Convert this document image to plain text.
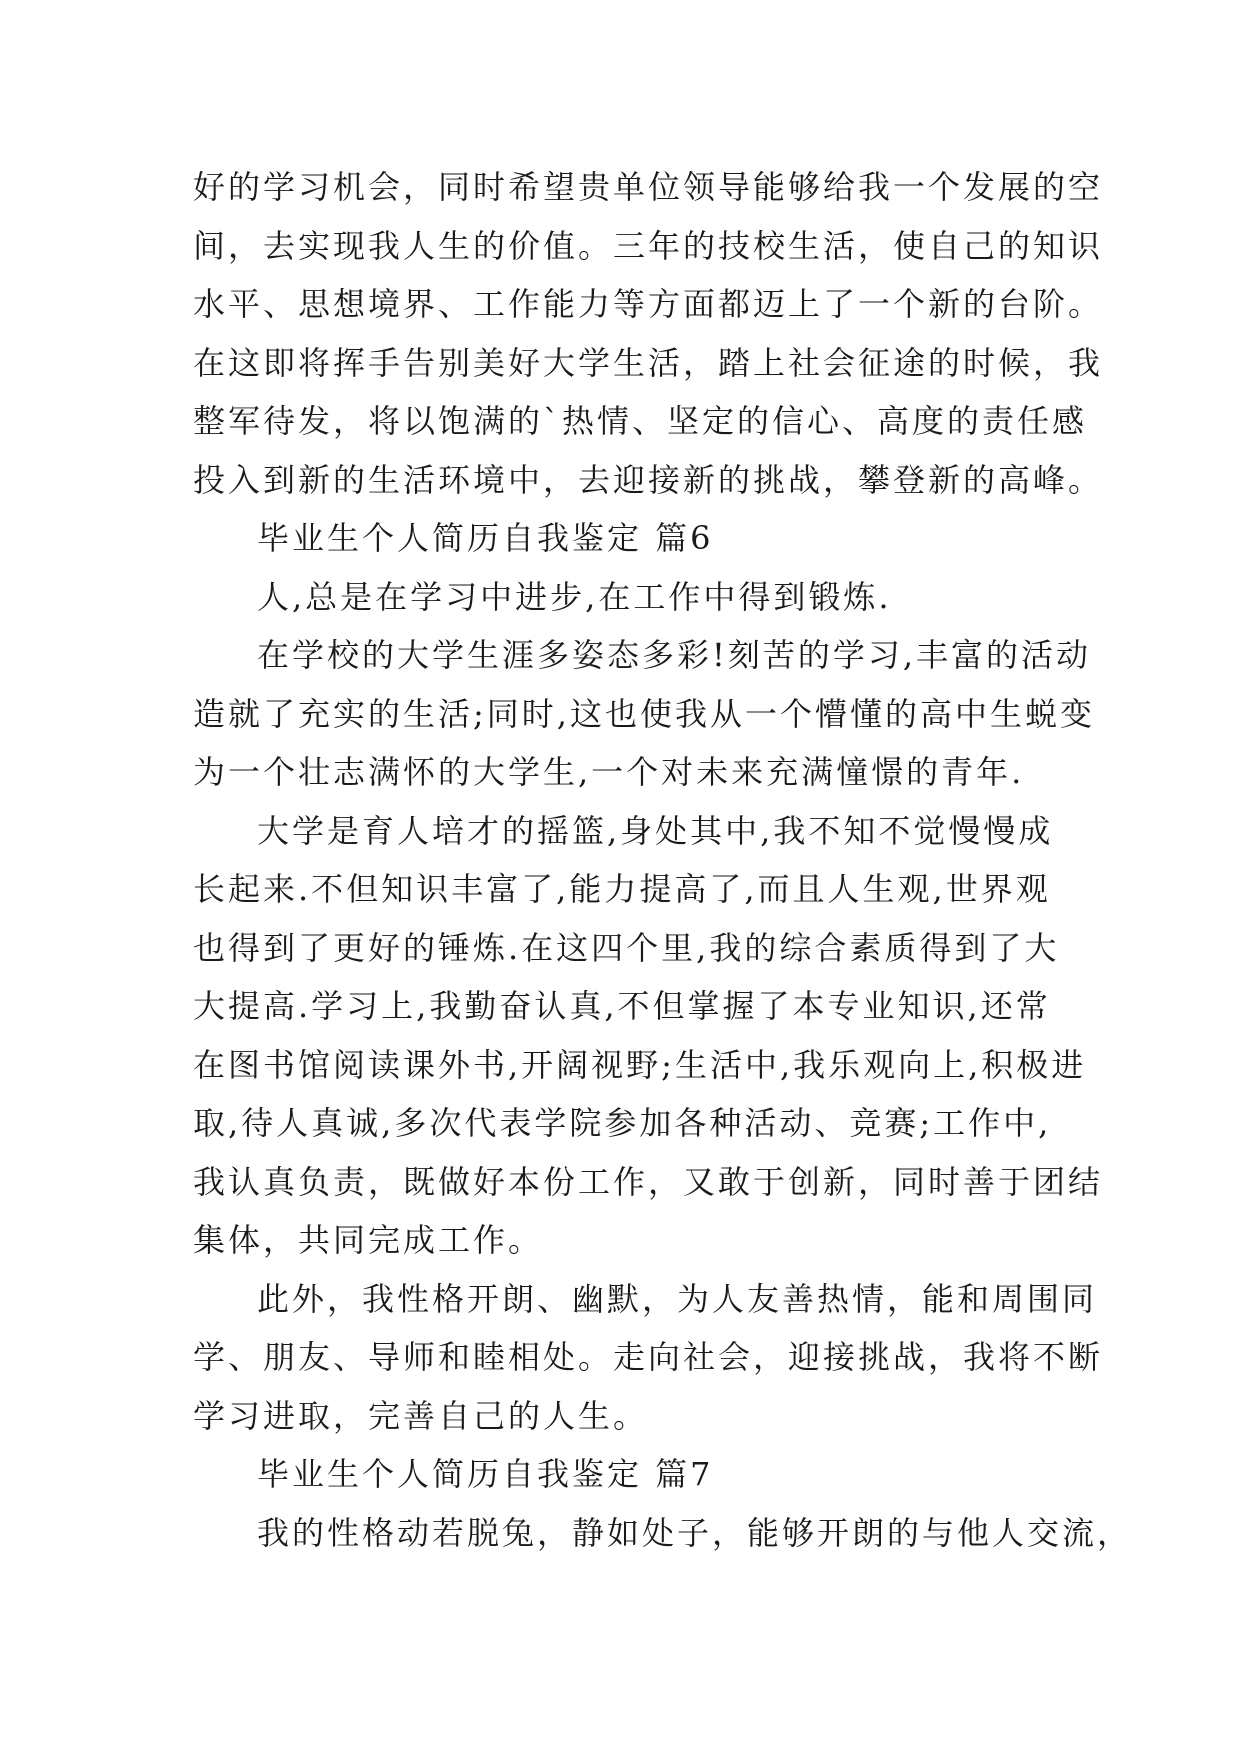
好的学习机会，同时希望贵单位领导能够给我一个发展的空
间，去实现我人生的价值。三年的技校生活，使自己的知识
水平、思想境界、工作能力等方面都迈上了一个新的台阶。
在这即将挥手告别美好大学生活，踏上社会征途的时候，我
整军待发，将以饱满的`热情、坚定的信心、高度的责任感
投入到新的生活环境中，去迎接新的挑战，攀登新的高峰。
毕业生个人简历自我鉴定 篇6
人,总是在学习中进步,在工作中得到锻炼.
在学校的大学生涯多姿态多彩!刻苦的学习,丰富的活动
造就了充实的生活;同时,这也使我从一个懵懂的高中生蜕变
为一个壮志满怀的大学生,一个对未来充满憧憬的青年.
大学是育人培才的摇篮,身处其中,我不知不觉慢慢成
长起来.不但知识丰富了,能力提高了,而且人生观,世界观
也得到了更好的锤炼.在这四个里,我的综合素质得到了大
大提高.学习上,我勤奋认真,不但掌握了本专业知识,还常
在图书馆阅读课外书,开阔视野;生活中,我乐观向上,积极进
取,待人真诚,多次代表学院参加各种活动、竞赛;工作中,
我认真负责，既做好本份工作，又敢于创新，同时善于团结
集体，共同完成工作。
此外，我性格开朗、幽默，为人友善热情，能和周围同
学、朋友、导师和睦相处。走向社会，迎接挑战，我将不断
学习进取，完善自己的人生。
毕业生个人简历自我鉴定 篇7
我的性格动若脱兔，静如处子，能够开朗的与他人交流，
